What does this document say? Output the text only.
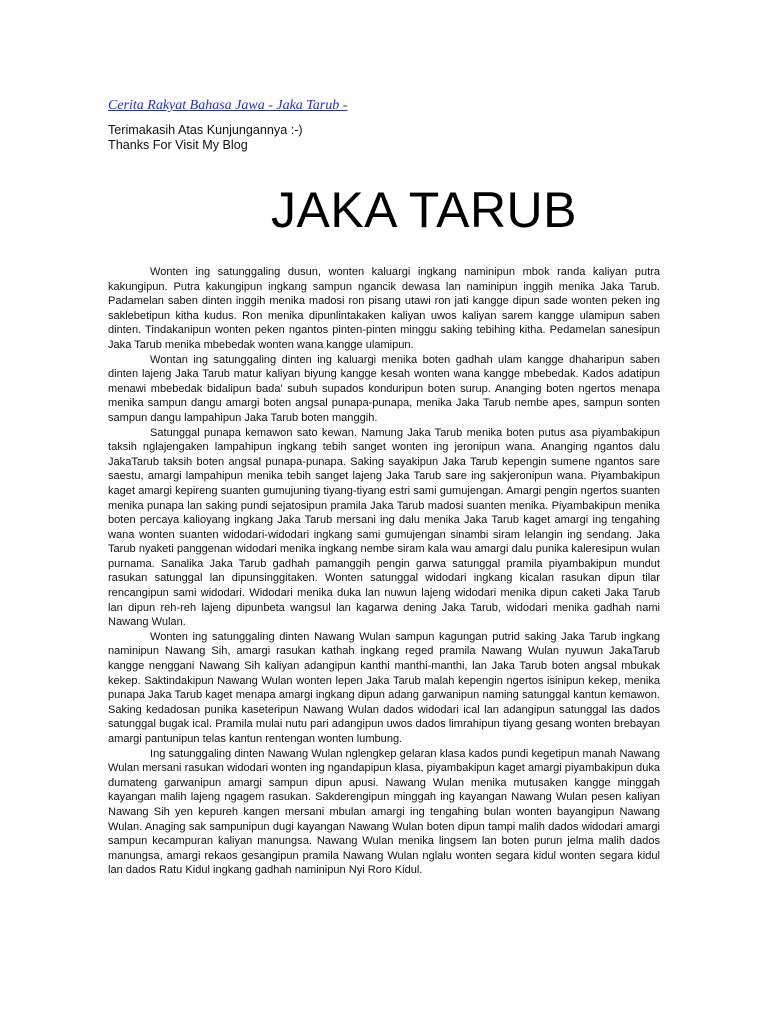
Cerita Rakyat Bahasa Jawa - Jaka Tarub -
Terimakasih Atas Kunjungannya :-)
Thanks For Visit My Blog
JAKA TARUB

Wonten ing satunggaling dusun, wonten kaluargi ingkang naminipun mbok randa kaliyan putra kakungipun. Putra kakungipun ingkang sampun ngancik dewasa lan naminipun inggih menika Jaka Tarub. Padamelan saben dinten inggih menika madosi ron pisang utawi ron jati kangge dipun sade wonten peken ing saklebetipun kitha kudus. Ron menika dipunlintakaken kaliyan uwos kaliyan sarem kangge ulamipun saben dinten. Tindakanipun wonten peken ngantos pinten-pinten minggu saking tebihing kitha. Pedamelan sanesipun Jaka Tarub menika mbebedak wonten wana kangge ulamipun.

Wontan ing satunggaling dinten ing kaluargi menika boten gadhah ulam kangge dhaharipun saben dinten lajeng Jaka Tarub matur kaliyan biyung kangge kesah wonten wana kangge mbebedak. Kados adatipun menawi mbebedak bidalipun bada' subuh supados konduripun boten surup. Ananging boten ngertos menapa menika sampun dangu amargi boten angsal punapa-punapa, menika Jaka Tarub nembe apes, sampun sonten sampun dangu lampahipun Jaka Tarub boten manggih.

Satunggal punapa kemawon sato kewan. Namung Jaka Tarub menika boten putus asa piyambakipun taksih nglajengaken lampahipun ingkang tebih sanget wonten ing jeronipun wana. Ananging ngantos dalu JakaTarub taksih boten angsal punapa-punapa. Saking sayakipun Jaka Tarub kepengin sumene ngantos sare saestu, amargi lampahipun menika tebih sanget lajeng Jaka Tarub sare ing sakjeronipun wana. Piyambakipun kaget amargi kepireng suanten gumujuning tiyang-tiyang estri sami gumujengan. Amargi pengin ngertos suanten menika punapa lan saking pundi sejatosipun pramila Jaka Tarub madosi suanten menika. Piyambakipun menika boten percaya kalioyang ingkang Jaka Tarub mersani ing dalu menika Jaka Tarub kaget amargi ing tengahing wana wonten suanten widodari-widodari ingkang sami gumujengan sinambi siram lelangin ing sendang. Jaka Tarub nyaketi panggenan widodari menika ingkang nembe siram kala wau amargi dalu punika kaleresipun wulan purnama. Sanalika Jaka Tarub gadhah pamanggih pengin garwa satunggal pramila piyambakipun mundut rasukan satunggal lan dipunsinggitaken. Wonten satunggal widodari ingkang kicalan rasukan dipun tilar rencangipun sami widodari. Widodari menika duka lan nuwun lajeng widodari menika dipun caketi Jaka Tarub lan dipun reh-reh lajeng dipunbeta wangsul lan kagarwa dening Jaka Tarub, widodari menika gadhah nami Nawang Wulan.

Wonten ing satunggaling dinten Nawang Wulan sampun kagungan putrid saking Jaka Tarub ingkang naminipun Nawang Sih, amargi rasukan kathah ingkang reged pramila Nawang Wulan nyuwun JakaTarub kangge nenggani Nawang Sih kaliyan adangipun kanthi manthi-manthi, lan Jaka Tarub boten angsal mbukak kekep. Saktindakipun Nawang Wulan wonten lepen Jaka Tarub malah kepengin ngertos isinipun kekep, menika punapa Jaka Tarub kaget menapa amargi ingkang dipun adang garwanipun naming satunggal kantun kemawon. Saking kedadosan punika kaseteripun Nawang Wulan dados widodari ical lan adangipun satunggal las dados satunggal bugak ical. Pramila mulai nutu pari adangipun uwos dados limrahipun tiyang gesang wonten brebayan amargi pantunipun telas kantun rentengan wonten lumbung.

Ing satunggaling dinten Nawang Wulan nglengkep gelaran klasa kados pundi kegetipun manah Nawang Wulan mersani rasukan widodari wonten ing ngandapipun klasa, piyambakipun kaget amargi piyambakipun duka dumateng garwanipun amargi sampun dipun apusi. Nawang Wulan menika mutusaken kangge minggah kayangan malih lajeng ngagem rasukan. Sakderengipun minggah ing kayangan Nawang Wulan pesen kaliyan Nawang Sih yen kepureh kangen mersani mbulan amargi ing tengahing bulan wonten bayangipun Nawang Wulan. Anaging sak sampunipun dugi kayangan Nawang Wulan boten dipun tampi malih dados widodari amargi sampun kecampuran kaliyan manungsa. Nawang Wulan menika lingsem lan boten purun jelma malih dados manungsa, amargi rekaos gesangipun pramila Nawang Wulan nglalu wonten segara kidul wonten segara kidul lan dados Ratu Kidul ingkang gadhah naminipun Nyi Roro Kidul.
